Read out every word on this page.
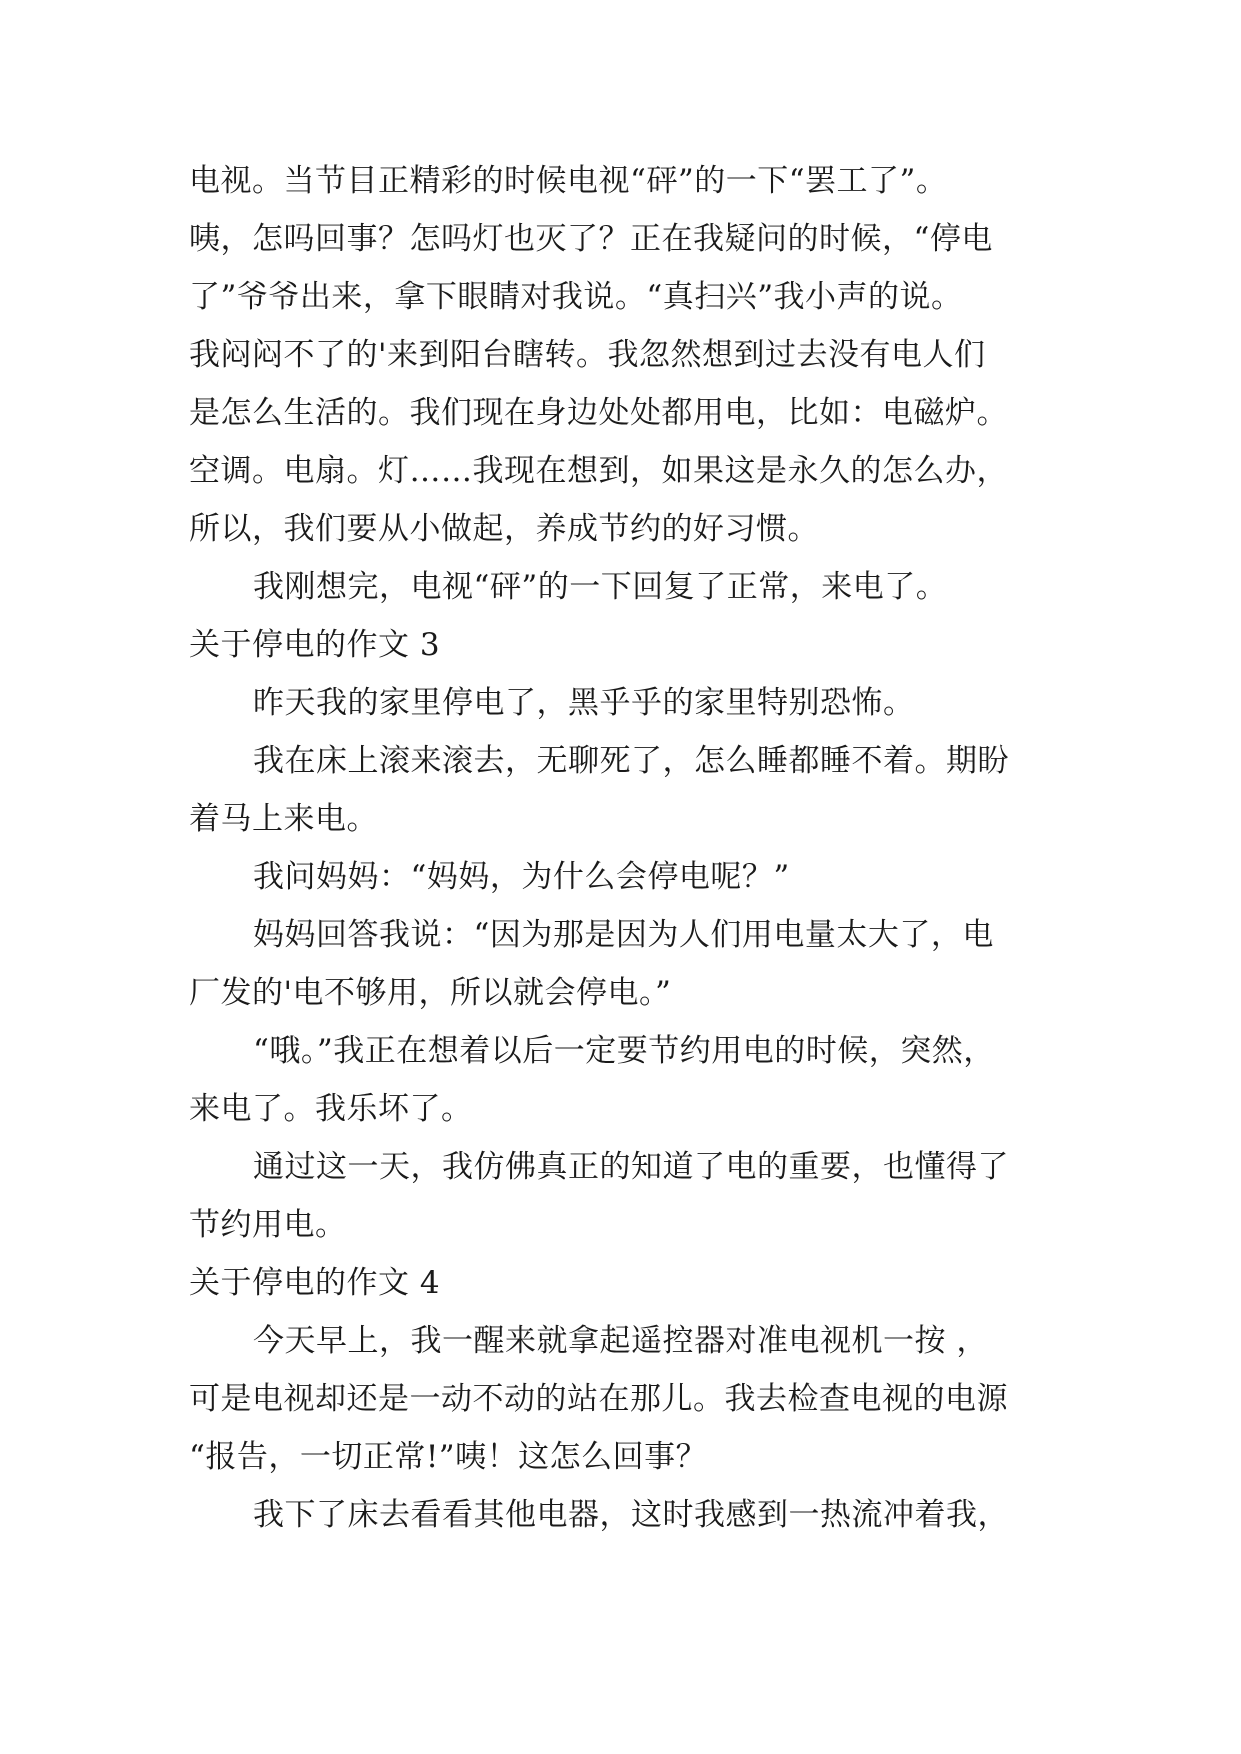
电视。当节目正精彩的时候电视“砰”的一下“罢工了”。
咦，怎吗回事？怎吗灯也灭了？正在我疑问的时候，“停电
了”爷爷出来，拿下眼睛对我说。“真扫兴”我小声的说。
我闷闷不了的'来到阳台瞎转。我忽然想到过去没有电人们
是怎么生活的。我们现在身边处处都用电，比如：电磁炉。
空调。电扇。灯……我现在想到，如果这是永久的怎么办，
所以，我们要从小做起，养成节约的好习惯。
我刚想完，电视“砰”的一下回复了正常，来电了。
关于停电的作文 3
昨天我的家里停电了，黑乎乎的家里特别恐怖。
我在床上滚来滚去，无聊死了，怎么睡都睡不着。期盼
着马上来电。
我问妈妈：“妈妈，为什么会停电呢？”
妈妈回答我说：“因为那是因为人们用电量太大了，电
厂发的'电不够用，所以就会停电。”
“哦。”我正在想着以后一定要节约用电的时候，突然，
来电了。我乐坏了。
通过这一天，我仿佛真正的知道了电的重要，也懂得了
节约用电。
关于停电的作文 4
今天早上，我一醒来就拿起遥控器对准电视机一按 ，
可是电视却还是一动不动的站在那儿。我去检查电视的电源
“报告，一切正常!”咦！这怎么回事？
我下了床去看看其他电器，这时我感到一热流冲着我，
